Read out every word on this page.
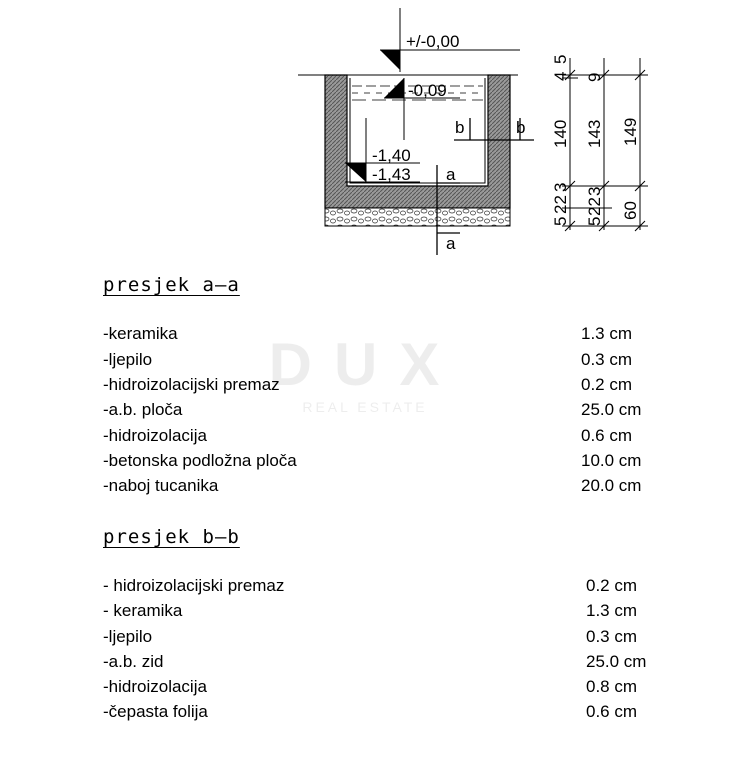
+/-0,00
-0,09
-1,40
-1,43 a
a
b	b
5
4
140
3
22
5
9
143
3
22
5
149
60
DUX
REAL ESTATE
presjek a—a
-keramika	1.3 cm
-ljepilo	0.3 cm
-hidroizolacijski premaz	0.2 cm
-a.b. ploča	25.0 cm
-hidroizolacija	0.6 cm
-betonska podložna ploča	10.0 cm
-naboj tucanika	20.0 cm
presjek b—b
- hidroizolacijski premaz	0.2 cm
- keramika	1.3 cm
-ljepilo	0.3 cm
-a.b. zid	25.0 cm
-hidroizolacija	0.8 cm
-čepasta folija	0.6 cm
